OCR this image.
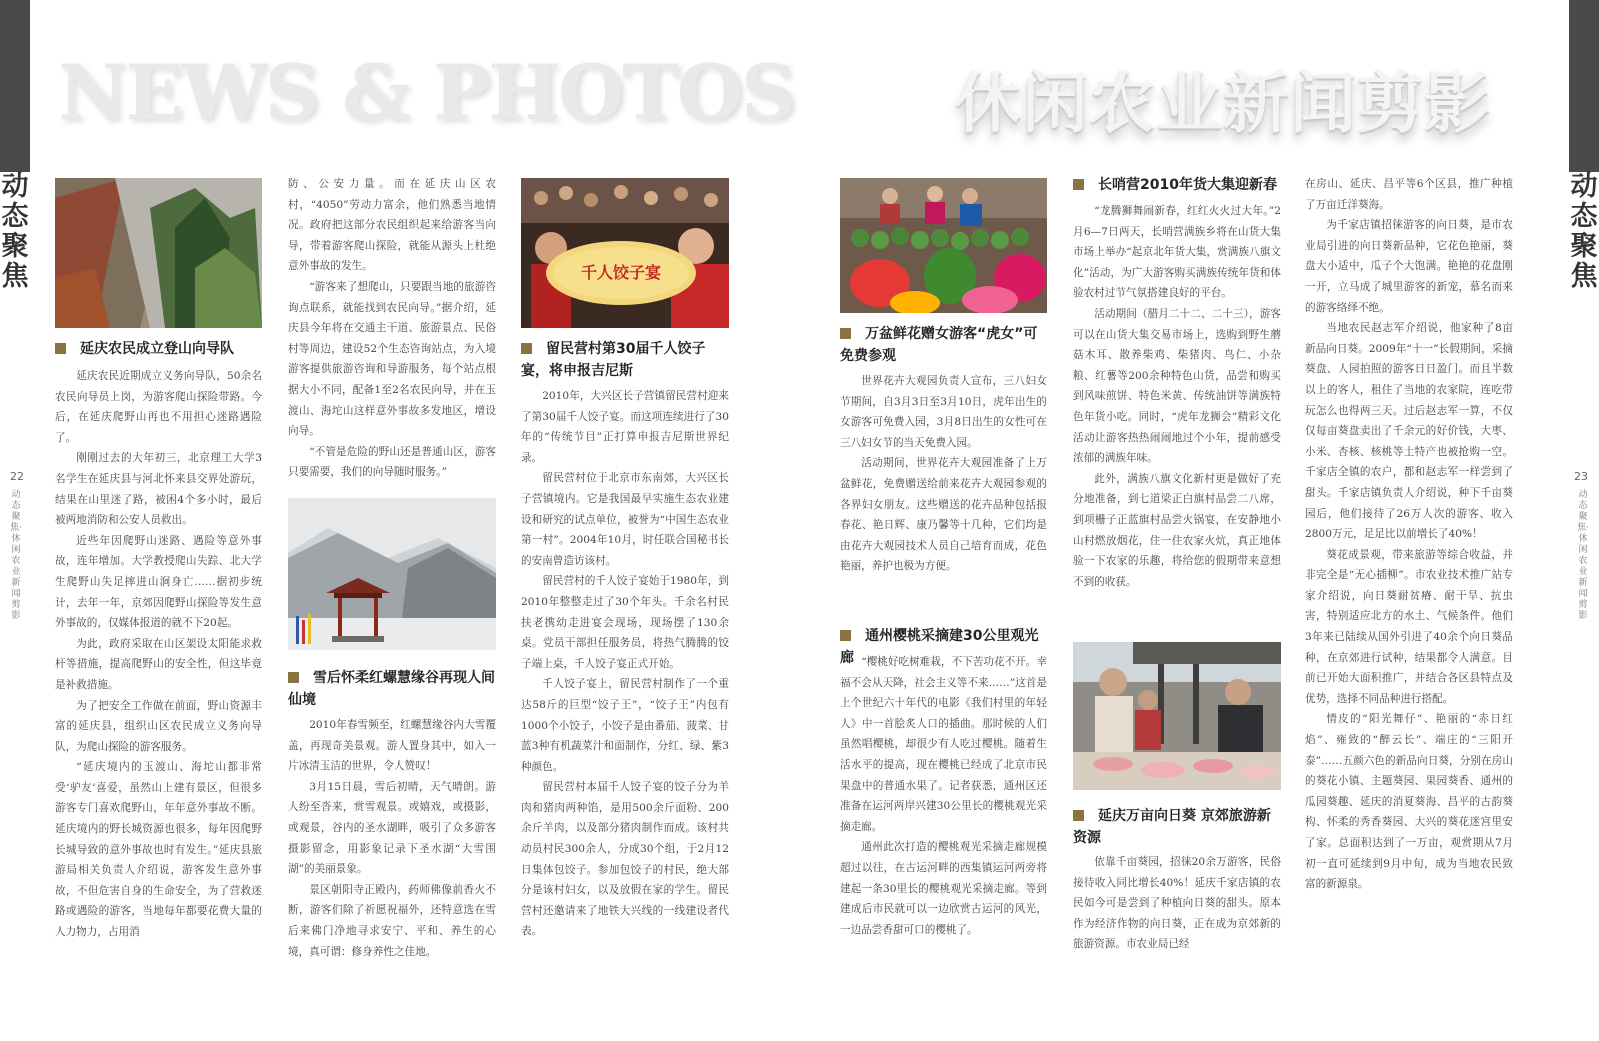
动态聚焦
22
动态聚焦·休闲农业新闻剪影
NEWS & PHOTOS
延庆农民成立登山向导队

延庆农民近期成立义务向导队，50余名农民向导员上岗，为游客爬山探险带路。今后，在延庆爬野山再也不用担心迷路遇险了。

刚刚过去的大年初三，北京理工大学3名学生在延庆县与河北怀来县交界处游玩，结果在山里迷了路，被困4个多小时，最后被两地消防和公安人员救出。

近些年因爬野山迷路、遇险等意外事故，连年增加。大学教授爬山失踪、北大学生爬野山失足摔进山涧身亡……据初步统计，去年一年，京郊因爬野山探险等发生意外事故的，仅媒体报道的就不下20起。

为此，政府采取在山区架设太阳能求救杆等措施，提高爬野山的安全性，但这毕竟是补救措施。

为了把安全工作做在前面，野山资源丰富的延庆县，组织山区农民成立义务向导队，为爬山探险的游客服务。

“延庆境内的玉渡山、海坨山都非常受‘驴友’喜爱，虽然山上建有景区，但很多游客专门喜欢爬野山，年年意外事故不断。延庆境内的野长城资源也很多，每年因爬野长城导致的意外事故也时有发生。”延庆县旅游局相关负责人介绍说，游客发生意外事故，不但危害自身的生命安全，为了营救迷路或遇险的游客，当地每年都要花费大量的人力物力，占用消

防、公安力量。而在延庆山区农村，“4050”劳动力富余，他们熟悉当地情况。政府把这部分农民组织起来给游客当向导，带着游客爬山探险，就能从源头上杜绝意外事故的发生。

“游客来了想爬山，只要跟当地的旅游咨询点联系，就能找到农民向导。”据介绍，延庆县今年将在交通主干道、旅游景点、民俗村等周边，建设52个生态咨询站点，为入境游客提供旅游咨询和导游服务，每个站点根据大小不同，配备1至2名农民向导，并在玉渡山、海坨山这样意外事故多发地区，增设向导。

“不管是危险的野山还是普通山区，游客只要需要，我们的向导随时服务。”

雪后怀柔红螺慧缘谷再现人间仙境

2010年春雪频至，红螺慧缘谷内大雪覆盖，再现奇美景观。游人置身其中，如入一片冰清玉洁的世界，令人赞叹！

3月15日晨，雪后初晴，天气晴朗。游人纷至沓来，赏雪观景。或嬉戏，或摄影，或观景，谷内的圣水湖畔，吸引了众多游客摄影留念，用影象记录下圣水湖“大雪围湖”的美丽景象。

景区朝阳寺正殿内，药师佛像前香火不断，游客们除了祈愿祝福外，还特意选在雪后来佛门净地寻求安宁、平和、养生的心境，真可谓：修身养性之佳地。

千人饺子宴
留民营村第30届千人饺子宴，将申报吉尼斯

2010年，大兴区长子营镇留民营村迎来了第30届千人饺子宴。而这项连续进行了30年的“传统节目”正打算申报吉尼斯世界纪录。

留民营村位于北京市东南郊，大兴区长子营镇境内。它是我国最早实施生态农业建设和研究的试点单位，被誉为“中国生态农业第一村”。2004年10月，时任联合国秘书长的安南曾造访该村。

留民营村的千人饺子宴始于1980年，到2010年整整走过了30个年头。千余名村民扶老携幼走进宴会现场，现场摆了130余桌。党员干部担任服务员，将热气腾腾的饺子端上桌，千人饺子宴正式开始。

千人饺子宴上，留民营村制作了一个重达58斤的巨型“饺子王”，“饺子王”内包有1000个小饺子，小饺子是由番茄、菠菜、甘蓝3种有机蔬菜汁和面制作，分红、绿、紫3种颜色。

留民营村本届千人饺子宴的饺子分为羊肉和猪肉两种馅，是用500余斤面粉、200余斤羊肉，以及部分猪肉制作而成。该村共动员村民300余人，分成30个组，于2月12日集体包饺子。参加包饺子的村民，绝大部分是该村妇女，以及放假在家的学生。留民营村还邀请来了地铁大兴线的一线建设者代表。

动态聚焦
23
动态聚焦·休闲农业新闻剪影
休闲农业新闻剪影
万盆鲜花赠女游客“虎女”可免费参观

世界花卉大观园负责人宣布，三八妇女节期间，自3月3日至3月10日，虎年出生的女游客可免费入园，3月8日出生的女性可在三八妇女节的当天免费入园。

活动期间，世界花卉大观园准备了上万盆鲜花，免费赠送给前来花卉大观园参观的各界妇女朋友。这些赠送的花卉品种包括报春花、艳日辉、康乃馨等十几种，它们均是由花卉大观园技术人员自己培育而成，花色艳丽，养护也极为方便。

通州樱桃采摘建30公里观光廊 “樱桃好吃树难栽，不下苦功花不开。幸福不会从天降，社会主义等不来……”这首是上个世纪六十年代的电影《我们村里的年轻人》中一首脍炙人口的插曲。那时候的人们虽然唱樱桃，却很少有人吃过樱桃。随着生活水平的提高，现在樱桃已经成了北京市民果盘中的普通水果了。记者获悉，通州区还准备在运河两岸兴建30公里长的樱桃观光采摘走廊。

通州此次打造的樱桃观光采摘走廊规模超过以往，在古运河畔的西集镇运河两旁将建起一条30里长的樱桃观光采摘走廊。等到建成后市民就可以一边欣赏古运河的风光，一边品尝香甜可口的樱桃了。

长哨营2010年货大集迎新春

“龙腾狮舞闹新春，红红火火过大年。”2月6—7日两天，长哨营满族乡将在山货大集市场上举办“起京北年货大集，赏满族八旗文化”活动，为广大游客购买满族传统年货和体验农村过节气氛搭建良好的平台。

活动期间（腊月二十二、二十三），游客可以在山货大集交易市场上，选购到野生蘑菇木耳、散养柴鸡、柴猪肉、鸟仁、小杂粮、红薯等200余种特色山货，品尝和购买到风味煎饼、特色米黄、传统油饼等满族特色年货小吃。同时，“虎年龙狮会”精彩文化活动让游客热热闹闹地过个小年，提前感受浓郁的满族年味。

此外，满族八旗文化新村更是做好了充分地准备，到七道梁正白旗村品尝二八席，到项栅子正蓝旗村品尝火锅宴，在安静地小山村燃放烟花，住一住农家火炕，真正地体验一下农家的乐趣，将给您的假期带来意想不到的收获。

延庆万亩向日葵 京郊旅游新资源

依靠千亩葵园，招徕20余万游客，民俗接待收入同比增长40%！延庆千家店镇的农民如今可是尝到了种植向日葵的甜头。原本作为经济作物的向日葵，正在成为京郊新的旅游资源。市农业局已经

在房山、延庆、昌平等6个区县，推广种植了万亩迁洋葵海。

为千家店镇招徕游客的向日葵，是市农业局引进的向日葵新品种，它花色艳丽，葵盘大小适中，瓜子个大饱满。艳艳的花盘刚一开，立马成了城里游客的新宠，慕名而来的游客络绎不绝。

当地农民赵志军介绍说，他家种了8亩新品向日葵。2009年“十一”长假期间，采摘葵盘、人园拍照的游客日日盈门。而且半数以上的客人，租住了当地的农家院，连吃带玩怎么也得两三天。过后赵志军一算，不仅仅每亩葵盘卖出了千余元的好价钱，大枣、小米、杏核、核桃等土特产也被抢购一空。千家店全镇的农户，都和赵志军一样尝到了甜头。千家店镇负责人介绍说，种下千亩葵园后，他们接待了26万人次的游客、收入2800万元，足足比以前增长了40%！

葵花成景观，带来旅游等综合收益，并非完全是“无心插柳”。市农业技术推广站专家介绍说，向日葵耐贫瘠、耐干旱、抗虫害，特别适应北方的水土、气候条件。他们3年来已陆续从国外引进了40余个向日葵品种，在京郊进行试种，结果都令人满意。目前已开始大面积推广，并结合各区县特点及优势，选择不同品种进行搭配。

情皮的“阳光舞仔”、艳丽的“赤日红焰”、雍致的“醉云长”、端庄的“三阳开泰”……五颜六色的新品向日葵，分别在房山的葵花小镇、主题葵园、果园葵香、通州的瓜园葵趣、延庆的消夏葵海、昌平的古韵葵构、怀柔的秀香葵园、大兴的葵花迷宫里安了家。总面积达到了一万亩，观赏期从7月初一直可延续到9月中旬，成为当地农民致富的新源泉。
